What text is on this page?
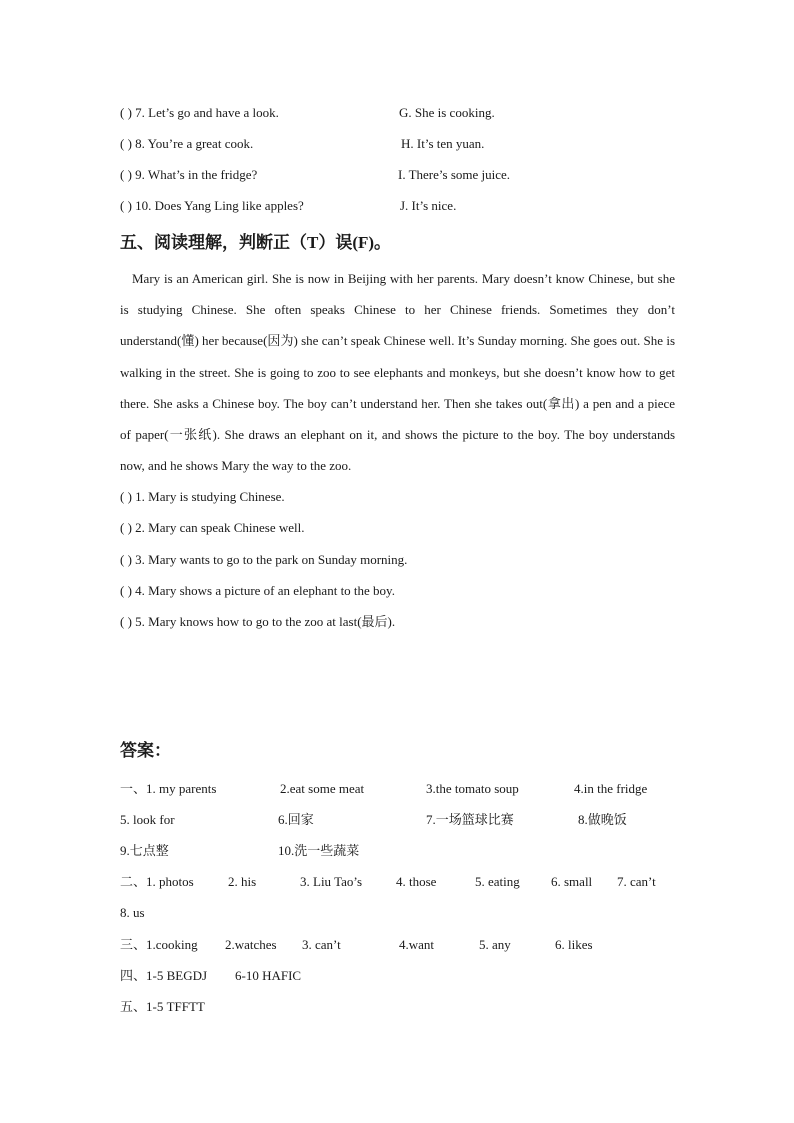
( ) 7. Let’s go and have a look.	G. She is cooking.
( ) 8. You’re a great cook.	H. It’s ten yuan.
( ) 9. What’s in the fridge?	I. There’s some juice.
( ) 10. Does Yang Ling like apples?	J. It’s nice.
五、阅读理解，判断正（T）误(F)。

Mary is an American girl. She is now in Beijing with her parents. Mary doesn’t know Chinese, but she is studying Chinese. She often speaks Chinese to her Chinese friends. Sometimes they don’t understand(懂) her because(因为) she can’t speak Chinese well. It’s Sunday morning. She goes out. She is walking in the street. She is going to zoo to see elephants and monkeys, but she doesn’t know how to get there. She asks a Chinese boy. The boy can’t understand her. Then she takes out(拿出) a pen and a piece of paper(一张纸). She draws an elephant on it, and shows the picture to the boy. The boy understands now, and he shows Mary the way to the zoo.

( ) 1. Mary is studying Chinese.
( ) 2. Mary can speak Chinese well.
( ) 3. Mary wants to go to the park on Sunday morning.
( ) 4. Mary shows a picture of an elephant to the boy.
( ) 5. Mary knows how to go to the zoo at last(最后).
答案：
一、1. my parents	2.eat some meat	3.the tomato soup	4.in the fridge
5. look for	6.回家	7.一场篮球比赛	8.做晚饭
9.七点整	10.洗一些蔬菜
二、1. photos	2. his	3. Liu Tao’s	4. those	5. eating 6. small 7. can’t
8. us
三、1.cooking 2.watches 3. can’t	4.want	5. any	6. likes
四、1-5 BEGDJ 6-10 HAFIC
五、1-5 TFFTT
